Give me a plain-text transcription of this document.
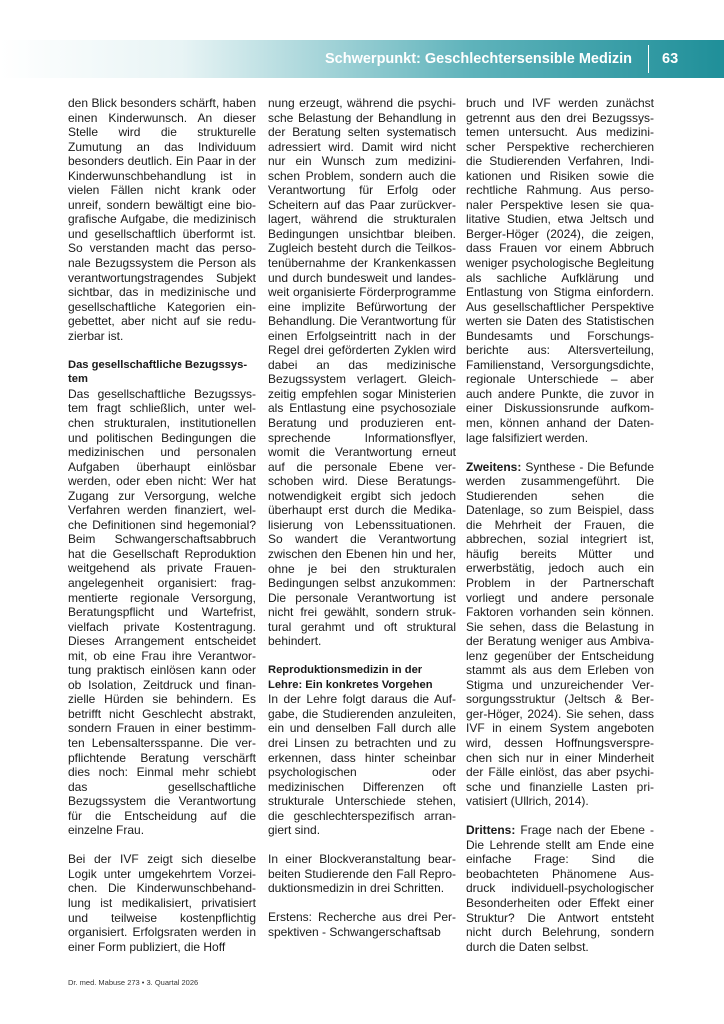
Schwerpunkt: Geschlechtersensible Medizin 63

den Blick besonders schärft, haben einen Kinderwunsch. An dieser Stelle wird die strukturelle Zumutung an das Individuum besonders deutlich. Ein Paar in der Kinderwunschbehandlung ist in vielen Fällen nicht krank oder unreif, sondern bewältigt eine biografische Aufgabe, die medizinisch und gesellschaftlich überformt ist. So verstanden macht das personale Bezugssystem die Person als verantwortungstragendes Subjekt sichtbar, das in medizinische und gesellschaftliche Kategorien eingebettet, aber nicht auf sie reduzierbar ist.

Das gesellschaftliche Bezugssystem

Das gesellschaftliche Bezugssystem fragt schließlich, unter welchen strukturalen, institutionellen und politischen Bedingungen die medizinischen und personalen Aufgaben überhaupt einlösbar werden, oder eben nicht: Wer hat Zugang zur Versorgung, welche Verfahren werden finanziert, welche Definitionen sind hegemonial? Beim Schwangerschaftsabbruch hat die Gesellschaft Reproduktion weitgehend als private Frauenangelegenheit organisiert: fragmentierte regionale Versorgung, Beratungspflicht und Wartefrist, vielfach private Kostentragung. Dieses Arrangement entscheidet mit, ob eine Frau ihre Verantwortung praktisch einlösen kann oder ob Isolation, Zeitdruck und finanzielle Hürden sie behindern. Es betrifft nicht Geschlecht abstrakt, sondern Frauen in einer bestimmten Lebensaltersspanne. Die verpflichtende Beratung verschärft dies noch: Einmal mehr schiebt das gesellschaftliche Bezugssystem die Verantwortung für die Entscheidung auf die einzelne Frau.

Bei der IVF zeigt sich dieselbe Logik unter umgekehrtem Vorzeichen. Die Kinderwunschbehandlung ist medikalisiert, privatisiert und teilweise kostenpflichtig organisiert. Erfolgsraten werden in einer Form publiziert, die Hoff

nung erzeugt, während die psychische Belastung der Behandlung in der Beratung selten systematisch adressiert wird. Damit wird nicht nur ein Wunsch zum medizinischen Problem, sondern auch die Verantwortung für Erfolg oder Scheitern auf das Paar zurückverlagert, während die strukturalen Bedingungen unsichtbar bleiben. Zugleich besteht durch die Teilkostenübernahme der Krankenkassen und durch bundesweit und landesweit organisierte Förderprogramme eine implizite Befürwortung der Behandlung. Die Verantwortung für einen Erfolgseintritt nach in der Regel drei geförderten Zyklen wird dabei an das medizinische Bezugssystem verlagert. Gleichzeitig empfehlen sogar Ministerien als Entlastung eine psychosoziale Beratung und produzieren entsprechende Informationsflyer, womit die Verantwortung erneut auf die personale Ebene verschoben wird. Diese Beratungsnotwendigkeit ergibt sich jedoch überhaupt erst durch die Medikalisierung von Lebenssituationen. So wandert die Verantwortung zwischen den Ebenen hin und her, ohne je bei den strukturalen Bedingungen selbst anzukommen: Die personale Verantwortung ist nicht frei gewählt, sondern struktural gerahmt und oft struktural behindert.

Reproduktionsmedizin in der Lehre: Ein konkretes Vorgehen

In der Lehre folgt daraus die Aufgabe, die Studierenden anzuleiten, ein und denselben Fall durch alle drei Linsen zu betrachten und zu erkennen, dass hinter scheinbar psychologischen oder medizinischen Differenzen oft strukturale Unterschiede stehen, die geschlechterspezifisch arrangiert sind.

In einer Blockveranstaltung bearbeiten Studierende den Fall Reproduktionsmedizin in drei Schritten.

Erstens: Recherche aus drei Perspektiven - Schwangerschaftsab

bruch und IVF werden zunächst getrennt aus den drei Bezugssystemen untersucht. Aus medizinischer Perspektive recherchieren die Studierenden Verfahren, Indikationen und Risiken sowie die rechtliche Rahmung. Aus personaler Perspektive lesen sie qualitative Studien, etwa Jeltsch und Berger-Höger (2024), die zeigen, dass Frauen vor einem Abbruch weniger psychologische Begleitung als sachliche Aufklärung und Entlastung von Stigma einfordern. Aus gesellschaftlicher Perspektive werten sie Daten des Statistischen Bundesamts und Forschungsberichte aus: Altersverteilung, Familienstand, Versorgungsdichte, regionale Unterschiede – aber auch andere Punkte, die zuvor in einer Diskussionsrunde aufkommen, können anhand der Datenlage falsifiziert werden.

Zweitens: Synthese - Die Befunde werden zusammengeführt. Die Studierenden sehen die Datenlage, so zum Beispiel, dass die Mehrheit der Frauen, die abbrechen, sozial integriert ist, häufig bereits Mütter und erwerbstätig, jedoch auch ein Problem in der Partnerschaft vorliegt und andere personale Faktoren vorhanden sein können. Sie sehen, dass die Belastung in der Beratung weniger aus Ambivalenz gegenüber der Entscheidung stammt als aus dem Erleben von Stigma und unzureichender Versorgungsstruktur (Jeltsch & Berger-Höger, 2024). Sie sehen, dass IVF in einem System angeboten wird, dessen Hoffnungsversprechen sich nur in einer Minderheit der Fälle einlöst, das aber psychische und finanzielle Lasten privatisiert (Ullrich, 2014).

Drittens: Frage nach der Ebene - Die Lehrende stellt am Ende eine einfache Frage: Sind die beobachteten Phänomene Ausdruck individuell-psychologischer Besonderheiten oder Effekt einer Struktur? Die Antwort entsteht nicht durch Belehrung, sondern durch die Daten selbst.

Dr. med. Mabuse 273 • 3. Quartal 2026
